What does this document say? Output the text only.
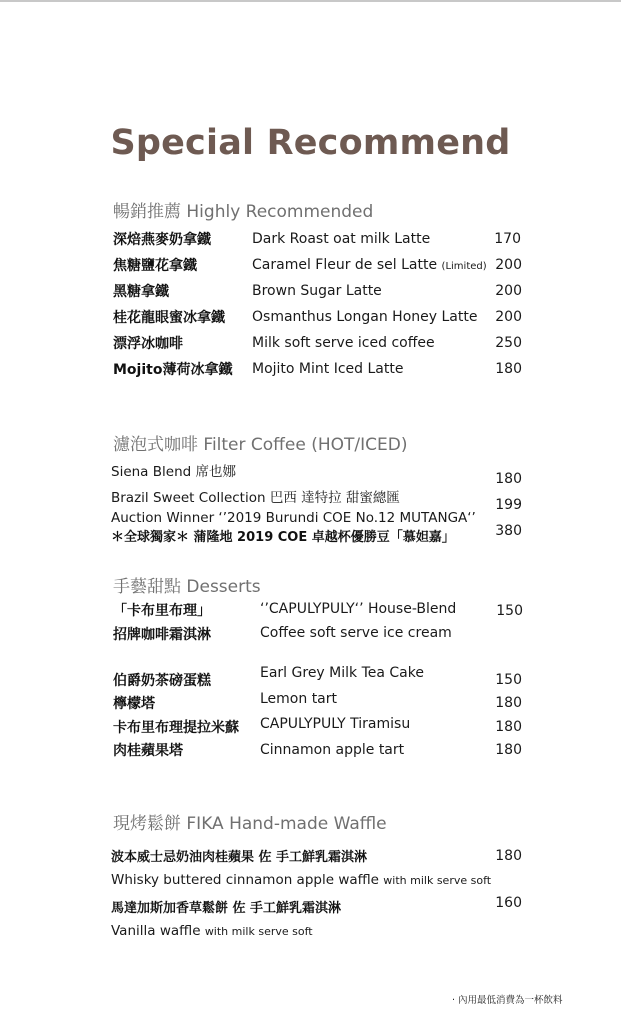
Special Recommend
暢銷推薦 Highly Recommended
深焙燕麥奶拿鐵	Dark Roast oat milk Latte	170
焦糖鹽花拿鐵	Caramel Fleur de sel Latte (Limited) 200
黑糖拿鐵	Brown Sugar Latte	200
桂花龍眼蜜冰拿鐵 Osmanthus Longan Honey Latte	200
漂浮冰咖啡	Milk soft serve iced coffee	250
Mojito薄荷冰拿鐵 Mojito Mint Iced Latte	180
濾泡式咖啡 Filter Coffee (HOT/ICED)
Siena Blend 席也娜	180
Brazil Sweet Collection 巴西 達特拉 甜蜜總匯	199
Auction Winner ‘’2019 Burundi COE No.12 MUTANGA‘’
＊全球獨家＊ 蒲隆地 2019 COE 卓越杯優勝豆「慕妲嘉」	380
手藝甜點 Desserts
「卡布里布理」	‘’CAPULYPULY‘’ House-Blend	150
招牌咖啡霜淇淋	Coffee soft serve ice cream
伯爵奶茶磅蛋糕	Earl Grey Milk Tea Cake	150
檸檬塔	Lemon tart	180
卡布里布理提拉米蘇 CAPULYPULY Tiramisu	180
肉桂蘋果塔	Cinnamon apple tart	180
現烤鬆餅 FIKA Hand-made Waffle
波本威士忌奶油肉桂蘋果 佐 手工鮮乳霜淇淋	180
Whisky buttered cinnamon apple waffle with milk serve soft
馬達加斯加香草鬆餅 佐 手工鮮乳霜淇淋	160
Vanilla waffle with milk serve soft
· 內用最低消費為一杯飲料
